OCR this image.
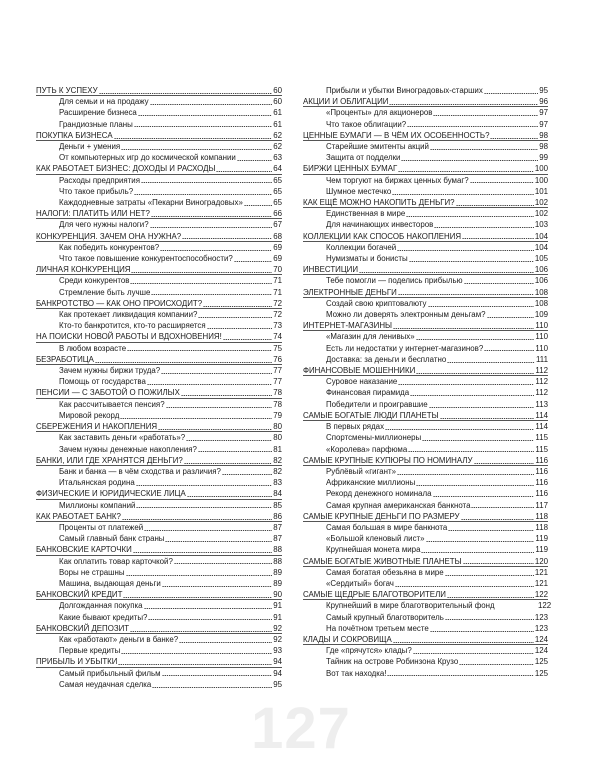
ПУТЬ К УСПЕХУ	60
Для семьи и на продажу	60
Расширение бизнеса	61
Грандиозные планы	61
ПОКУПКА БИЗНЕСА	62
Деньги + умения	62
От компьютерных игр до космической компании	63
КАК РАБОТАЕТ БИЗНЕС: ДОХОДЫ И РАСХОДЫ	64
Расходы предприятия	65
Что такое прибыль?	65
Каждодневные затраты «Пекарни Виноградовых»	65
НАЛОГИ: ПЛАТИТЬ ИЛИ НЕТ?	66
Для чего нужны налоги?	67
КОНКУРЕНЦИЯ. ЗАЧЕМ ОНА НУЖНА?	68
Как победить конкурентов?	69
Что такое повышение конкурентоспособности?	69
ЛИЧНАЯ КОНКУРЕНЦИЯ	70
Среди конкурентов	71
Стремление быть лучше	71
БАНКРОТСТВО — КАК ОНО ПРОИСХОДИТ?	72
Как протекает ликвидация компании?	72
Кто-то банкротится, кто-то расширяется	73
НА ПОИСКИ НОВОЙ РАБОТЫ И ВДОХНОВЕНИЯ!	74
В любом возрасте	75
БЕЗРАБОТИЦА	76
Зачем нужны биржи труда?	77
Помощь от государства	77
ПЕНСИИ — С ЗАБОТОЙ О ПОЖИЛЫХ	78
Как рассчитывается пенсия?	78
Мировой рекорд	79
СБЕРЕЖЕНИЯ И НАКОПЛЕНИЯ	80
Как заставить деньги «работать»?	80
Зачем нужны денежные накопления?	81
БАНКИ, ИЛИ ГДЕ ХРАНЯТСЯ ДЕНЬГИ?	82
Банк и банка — в чём сходства и различия?	82
Итальянская родина	83
ФИЗИЧЕСКИЕ И ЮРИДИЧЕСКИЕ ЛИЦА	84
Миллионы компаний	85
КАК РАБОТАЕТ БАНК?	86
Проценты от платежей	87
Самый главный банк страны	87
БАНКОВСКИЕ КАРТОЧКИ	88
Как оплатить товар карточкой?	88
Воры не страшны	89
Машина, выдающая деньги	89
БАНКОВСКИЙ КРЕДИТ	90
Долгожданная покупка	91
Какие бывают кредиты?	91
БАНКОВСКИЙ ДЕПОЗИТ	92
Как «работают» деньги в банке?	92
Первые кредиты	93
ПРИБЫЛЬ И УБЫТКИ	94
Самый прибыльный фильм	94
Самая неудачная сделка	95
Прибыли и убытки Виноградовых-старших	95
АКЦИИ И ОБЛИГАЦИИ	96
«Проценты» для акционеров	97
Что такое облигации?	97
ЦЕННЫЕ БУМАГИ — В ЧЁМ ИХ ОСОБЕННОСТЬ?	98
Старейшие эмитенты акций	98
Защита от подделки	99
БИРЖИ ЦЕННЫХ БУМАГ	100
Чем торгуют на биржах ценных бумаг?	100
Шумное местечко	101
КАК ЕЩЁ МОЖНО НАКОПИТЬ ДЕНЬГИ?	102
Единственная в мире	102
Для начинающих инвесторов	103
КОЛЛЕКЦИИ КАК СПОСОБ НАКОПЛЕНИЯ	104
Коллекции богачей	104
Нумизматы и бонисты	105
ИНВЕСТИЦИИ	106
Тебе помогли — поделись прибылью	106
ЭЛЕКТРОННЫЕ ДЕНЬГИ	108
Создай свою криптовалюту	108
Можно ли доверять электронным деньгам?	109
ИНТЕРНЕТ-МАГАЗИНЫ	110
«Магазин для ленивых»	110
Есть ли недостатки у интернет-магазинов?	110
Доставка: за деньги и бесплатно	111
ФИНАНСОВЫЕ МОШЕННИКИ	112
Суровое наказание	112
Финансовая пирамида	112
Победители и проигравшие	113
САМЫЕ БОГАТЫЕ ЛЮДИ ПЛАНЕТЫ	114
В первых рядах	114
Спортсмены-миллионеры	115
«Королева» парфюма	115
САМЫЕ КРУПНЫЕ КУПЮРЫ ПО НОМИНАЛУ	116
Рублёвый «гигант»	116
Африканские миллионы	116
Рекорд денежного номинала	116
Самая крупная американская банкнота	117
САМЫЕ КРУПНЫЕ ДЕНЬГИ ПО РАЗМЕРУ	118
Самая большая в мире банкнота	118
«Большой кленовый лист»	119
Крупнейшая монета мира	119
САМЫЕ БОГАТЫЕ ЖИВОТНЫЕ ПЛАНЕТЫ	120
Самая богатая обезьяна в мире	121
«Сердитый» богач	121
САМЫЕ ЩЕДРЫЕ БЛАГОТВОРИТЕЛИ	122
Крупнейший в мире благотворительный фонд	122
Самый крупный благотворитель	123
На почётном третьем месте	123
КЛАДЫ И СОКРОВИЩА	124
Где «прячутся» клады?	124
Тайник на острове Робинзона Крузо	125
Вот так находка!	125
127
